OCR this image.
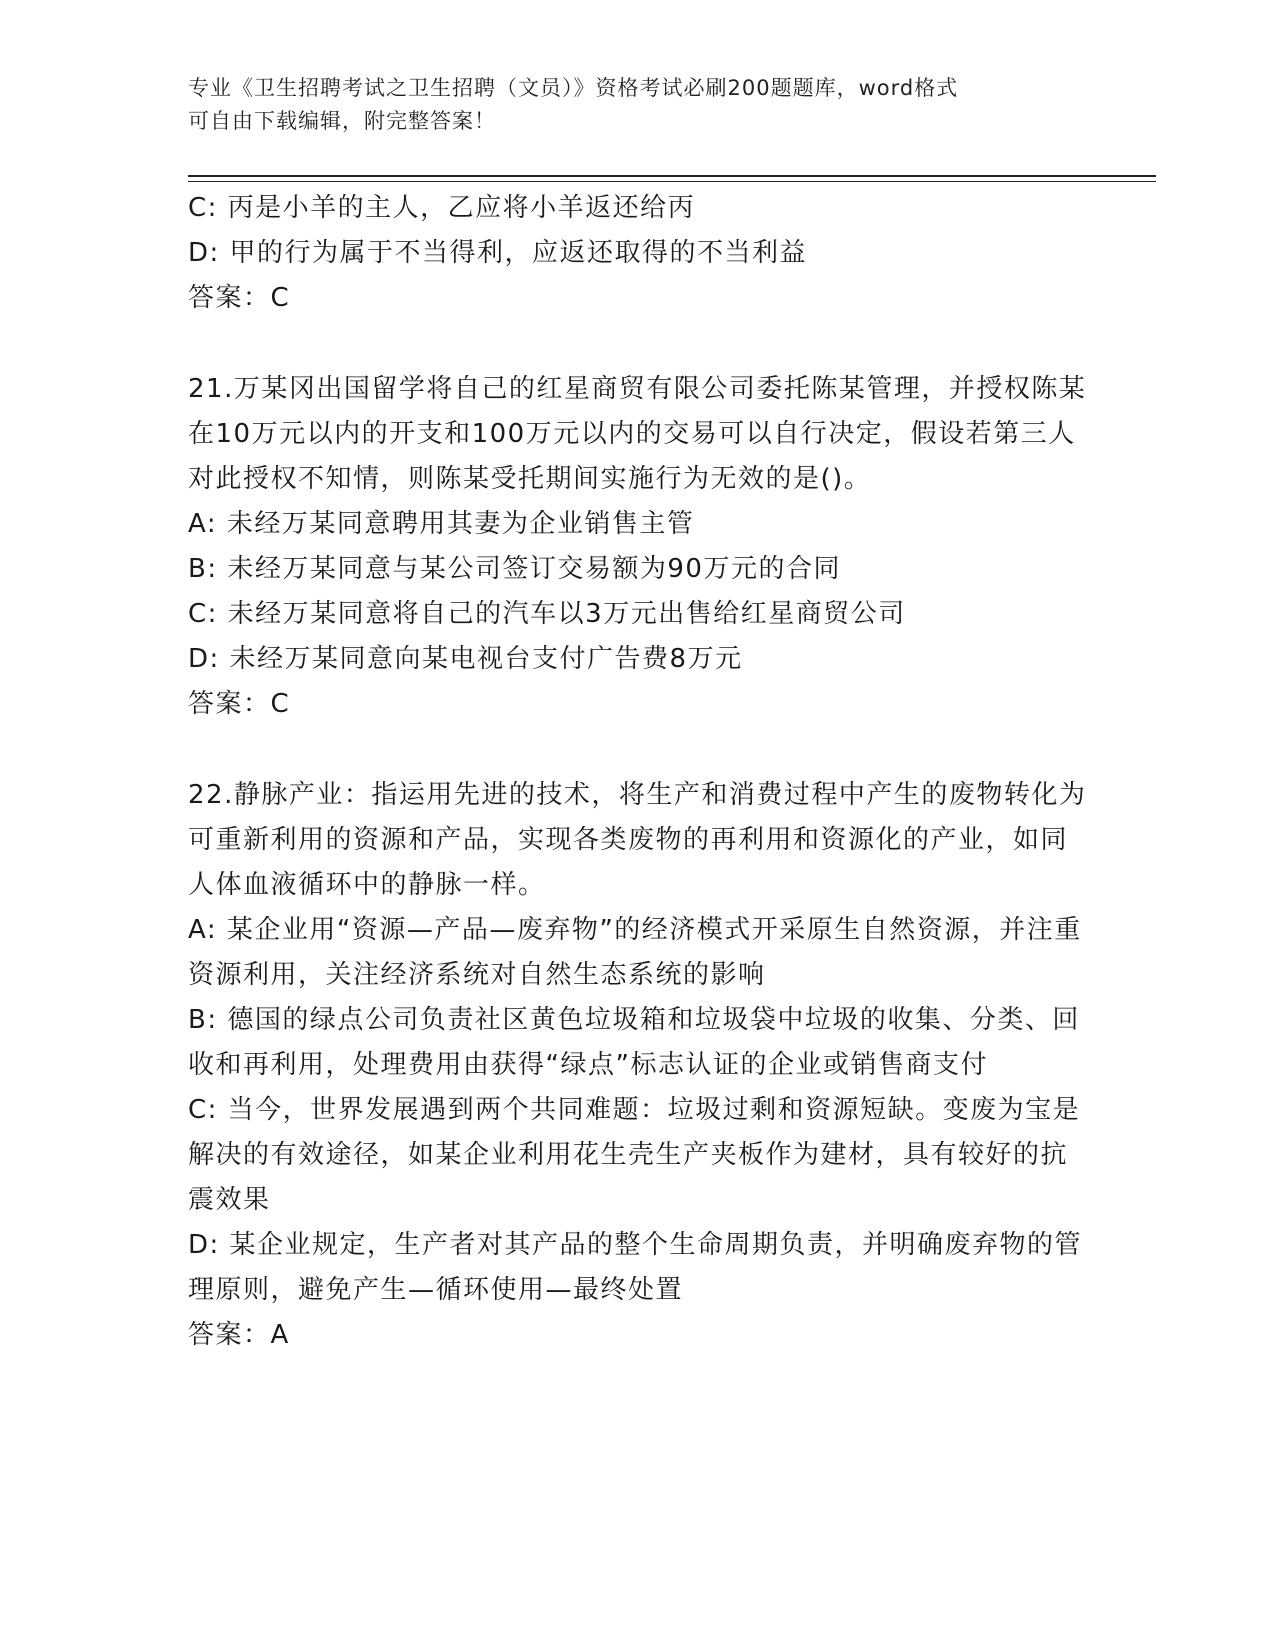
专业《卫生招聘考试之卫生招聘（文员）》资格考试必刷200题题库，word格式
可自由下载编辑，附完整答案！

C: 丙是小羊的主人，乙应将小羊返还给丙

D: 甲的行为属于不当得利，应返还取得的不当利益

答案：C

21.万某冈出国留学将自己的红星商贸有限公司委托陈某管理，并授权陈某在10万元以内的开支和100万元以内的交易可以自行决定，假设若第三人对此授权不知情，则陈某受托期间实施行为无效的是()。

A: 未经万某同意聘用其妻为企业销售主管

B: 未经万某同意与某公司签订交易额为90万元的合同

C: 未经万某同意将自己的汽车以3万元出售给红星商贸公司

D: 未经万某同意向某电视台支付广告费8万元

答案：C

22.静脉产业：指运用先进的技术，将生产和消费过程中产生的废物转化为可重新利用的资源和产品，实现各类废物的再利用和资源化的产业，如同人体血液循环中的静脉一样。

A: 某企业用“资源—产品—废弃物”的经济模式开采原生自然资源，并注重资源利用，关注经济系统对自然生态系统的影响

B: 德国的绿点公司负责社区黄色垃圾箱和垃圾袋中垃圾的收集、分类、回收和再利用，处理费用由获得“绿点”标志认证的企业或销售商支付

C: 当今，世界发展遇到两个共同难题：垃圾过剩和资源短缺。变废为宝是解决的有效途径，如某企业利用花生壳生产夹板作为建材，具有较好的抗震效果

D: 某企业规定，生产者对其产品的整个生命周期负责，并明确废弃物的管理原则，避免产生—循环使用—最终处置

答案：A
